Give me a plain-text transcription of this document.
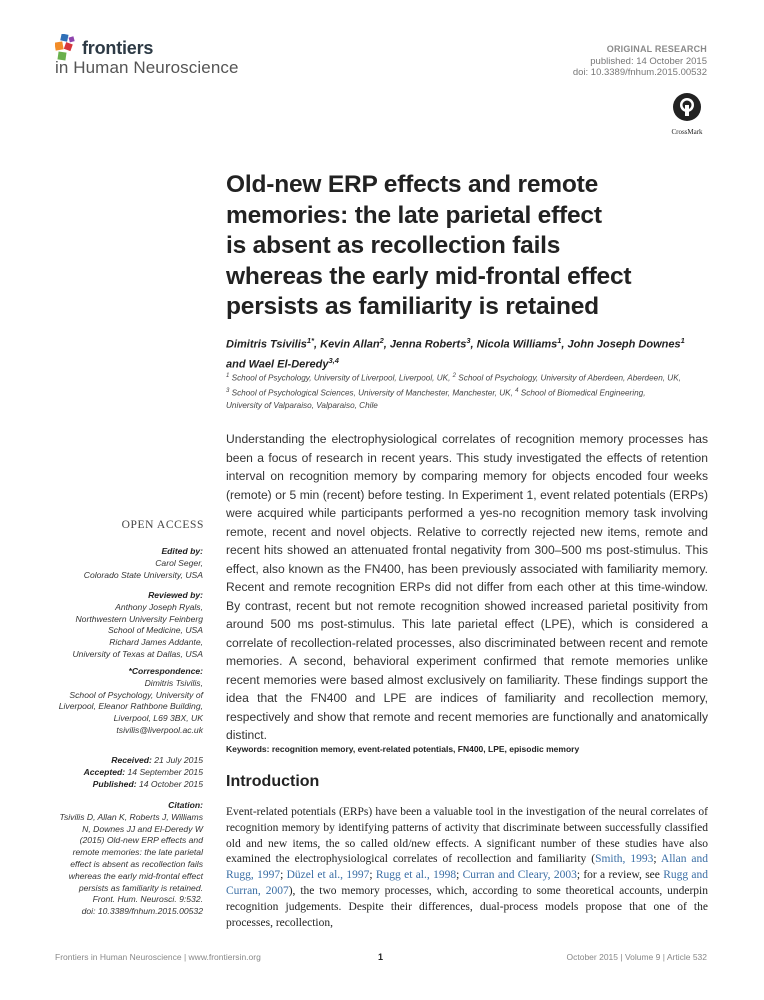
frontiers
in Human Neuroscience
ORIGINAL RESEARCH
published: 14 October 2015
doi: 10.3389/fnhum.2015.00532
CrossMark
Old-new ERP effects and remote
memories: the late parietal effect
is absent as recollection fails
whereas the early mid-frontal effect
persists as familiarity is retained
Dimitris Tsivilis$^{1*}$, Kevin Allan$^2$, Jenna Roberts$^3$, Nicola Williams$^1$, John Joseph Downes$^1$
and Wael El-Deredy$^{3,4}$
$^1$ School of Psychology, University of Liverpool, Liverpool, UK, $^2$ School of Psychology, University of Aberdeen, Aberdeen, UK,
$^3$ School of Psychological Sciences, University of Manchester, Manchester, UK, $^4$ School of Biomedical Engineering,
University of Valparaiso, Valparaiso, Chile
Understanding the electrophysiological correlates of recognition memory processes has been a focus of research in recent years. This study investigated the effects of retention interval on recognition memory by comparing memory for objects encoded four weeks (remote) or 5 min (recent) before testing. In Experiment 1, event related potentials (ERPs) were acquired while participants performed a yes-no recognition memory task involving remote, recent and novel objects. Relative to correctly rejected new items, remote and recent hits showed an attenuated frontal negativity from 300–500 ms post-stimulus. This effect, also known as the FN400, has been previously associated with familiarity memory. Recent and remote recognition ERPs did not differ from each other at this time-window. By contrast, recent but not remote recognition showed increased parietal positivity from around 500 ms post-stimulus. This late parietal effect (LPE), which is considered a correlate of recollection-related processes, also discriminated between recent and remote memories. A second, behavioral experiment confirmed that remote memories unlike recent memories were based almost exclusively on familiarity. These findings support the idea that the FN400 and LPE are indices of familiarity and recollection memory, respectively and show that remote and recent memories are functionally and anatomically distinct.
Keywords: recognition memory, event-related potentials, FN400, LPE, episodic memory
Introduction
Event-related potentials (ERPs) have been a valuable tool in the investigation of the neural correlates of recognition memory by identifying patterns of activity that discriminate between successfully classified old and new items, the so called old/new effects. A significant number of these studies have also examined the electrophysiological correlates of recollection and familiarity (Smith, 1993; Allan and Rugg, 1997; Düzel et al., 1997; Rugg et al., 1998; Curran and Cleary, 2003; for a review, see Rugg and Curran, 2007), the two memory processes, which, according to some theoretical accounts, underpin recognition judgements. Despite their differences, dual-process models propose that one of the processes, recollection,
OPEN ACCESS
Edited by:
Carol Seger,
Colorado State University, USA
Reviewed by:
Anthony Joseph Ryals,
Northwestern University Feinberg
School of Medicine, USA
Richard James Addante,
University of Texas at Dallas, USA
*Correspondence:
Dimitris Tsivilis,
School of Psychology, University of
Liverpool, Eleanor Rathbone Building,
Liverpool, L69 3BX, UK
tsivilis@liverpool.ac.uk
Received: 21 July 2015
Accepted: 14 September 2015
Published: 14 October 2015
Citation:
Tsivilis D, Allan K, Roberts J, Williams
N, Downes JJ and El-Deredy W
(2015) Old-new ERP effects and
remote memories: the late parietal
effect is absent as recollection fails
whereas the early mid-frontal effect
persists as familiarity is retained.
Front. Hum. Neurosci. 9:532.
doi: 10.3389/fnhum.2015.00532
Frontiers in Human Neuroscience | www.frontiersin.org	1	October 2015 | Volume 9 | Article 532
